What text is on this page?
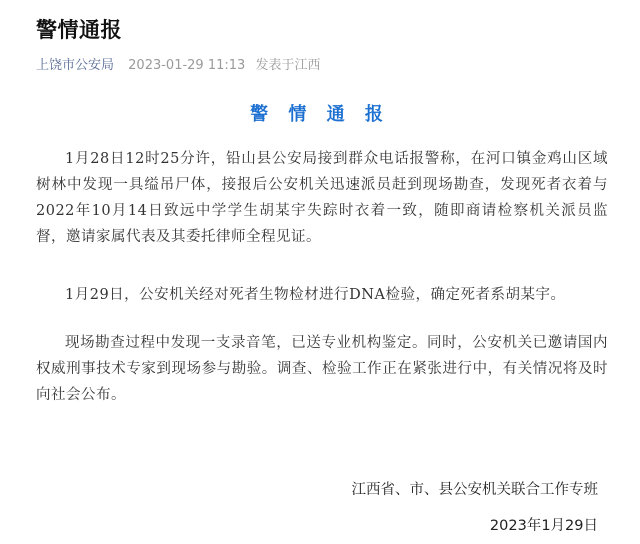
警情通报
上饶市公安局 2023-01-29 11:13 发表于江西
警 情 通 报

1月28日12时25分许，铅山县公安局接到群众电话报警称，在河口镇金鸡山区域树林中发现一具缢吊尸体，接报后公安机关迅速派员赶到现场勘查，发现死者衣着与2022年10月14日致远中学学生胡某宇失踪时衣着一致，随即商请检察机关派员监督，邀请家属代表及其委托律师全程见证。

1月29日，公安机关经对死者生物检材进行DNA检验，确定死者系胡某宇。

现场勘查过程中发现一支录音笔，已送专业机构鉴定。同时，公安机关已邀请国内权威刑事技术专家到现场参与勘验。调查、检验工作正在紧张进行中，有关情况将及时向社会公布。

江西省、市、县公安机关联合工作专班
2023年1月29日
